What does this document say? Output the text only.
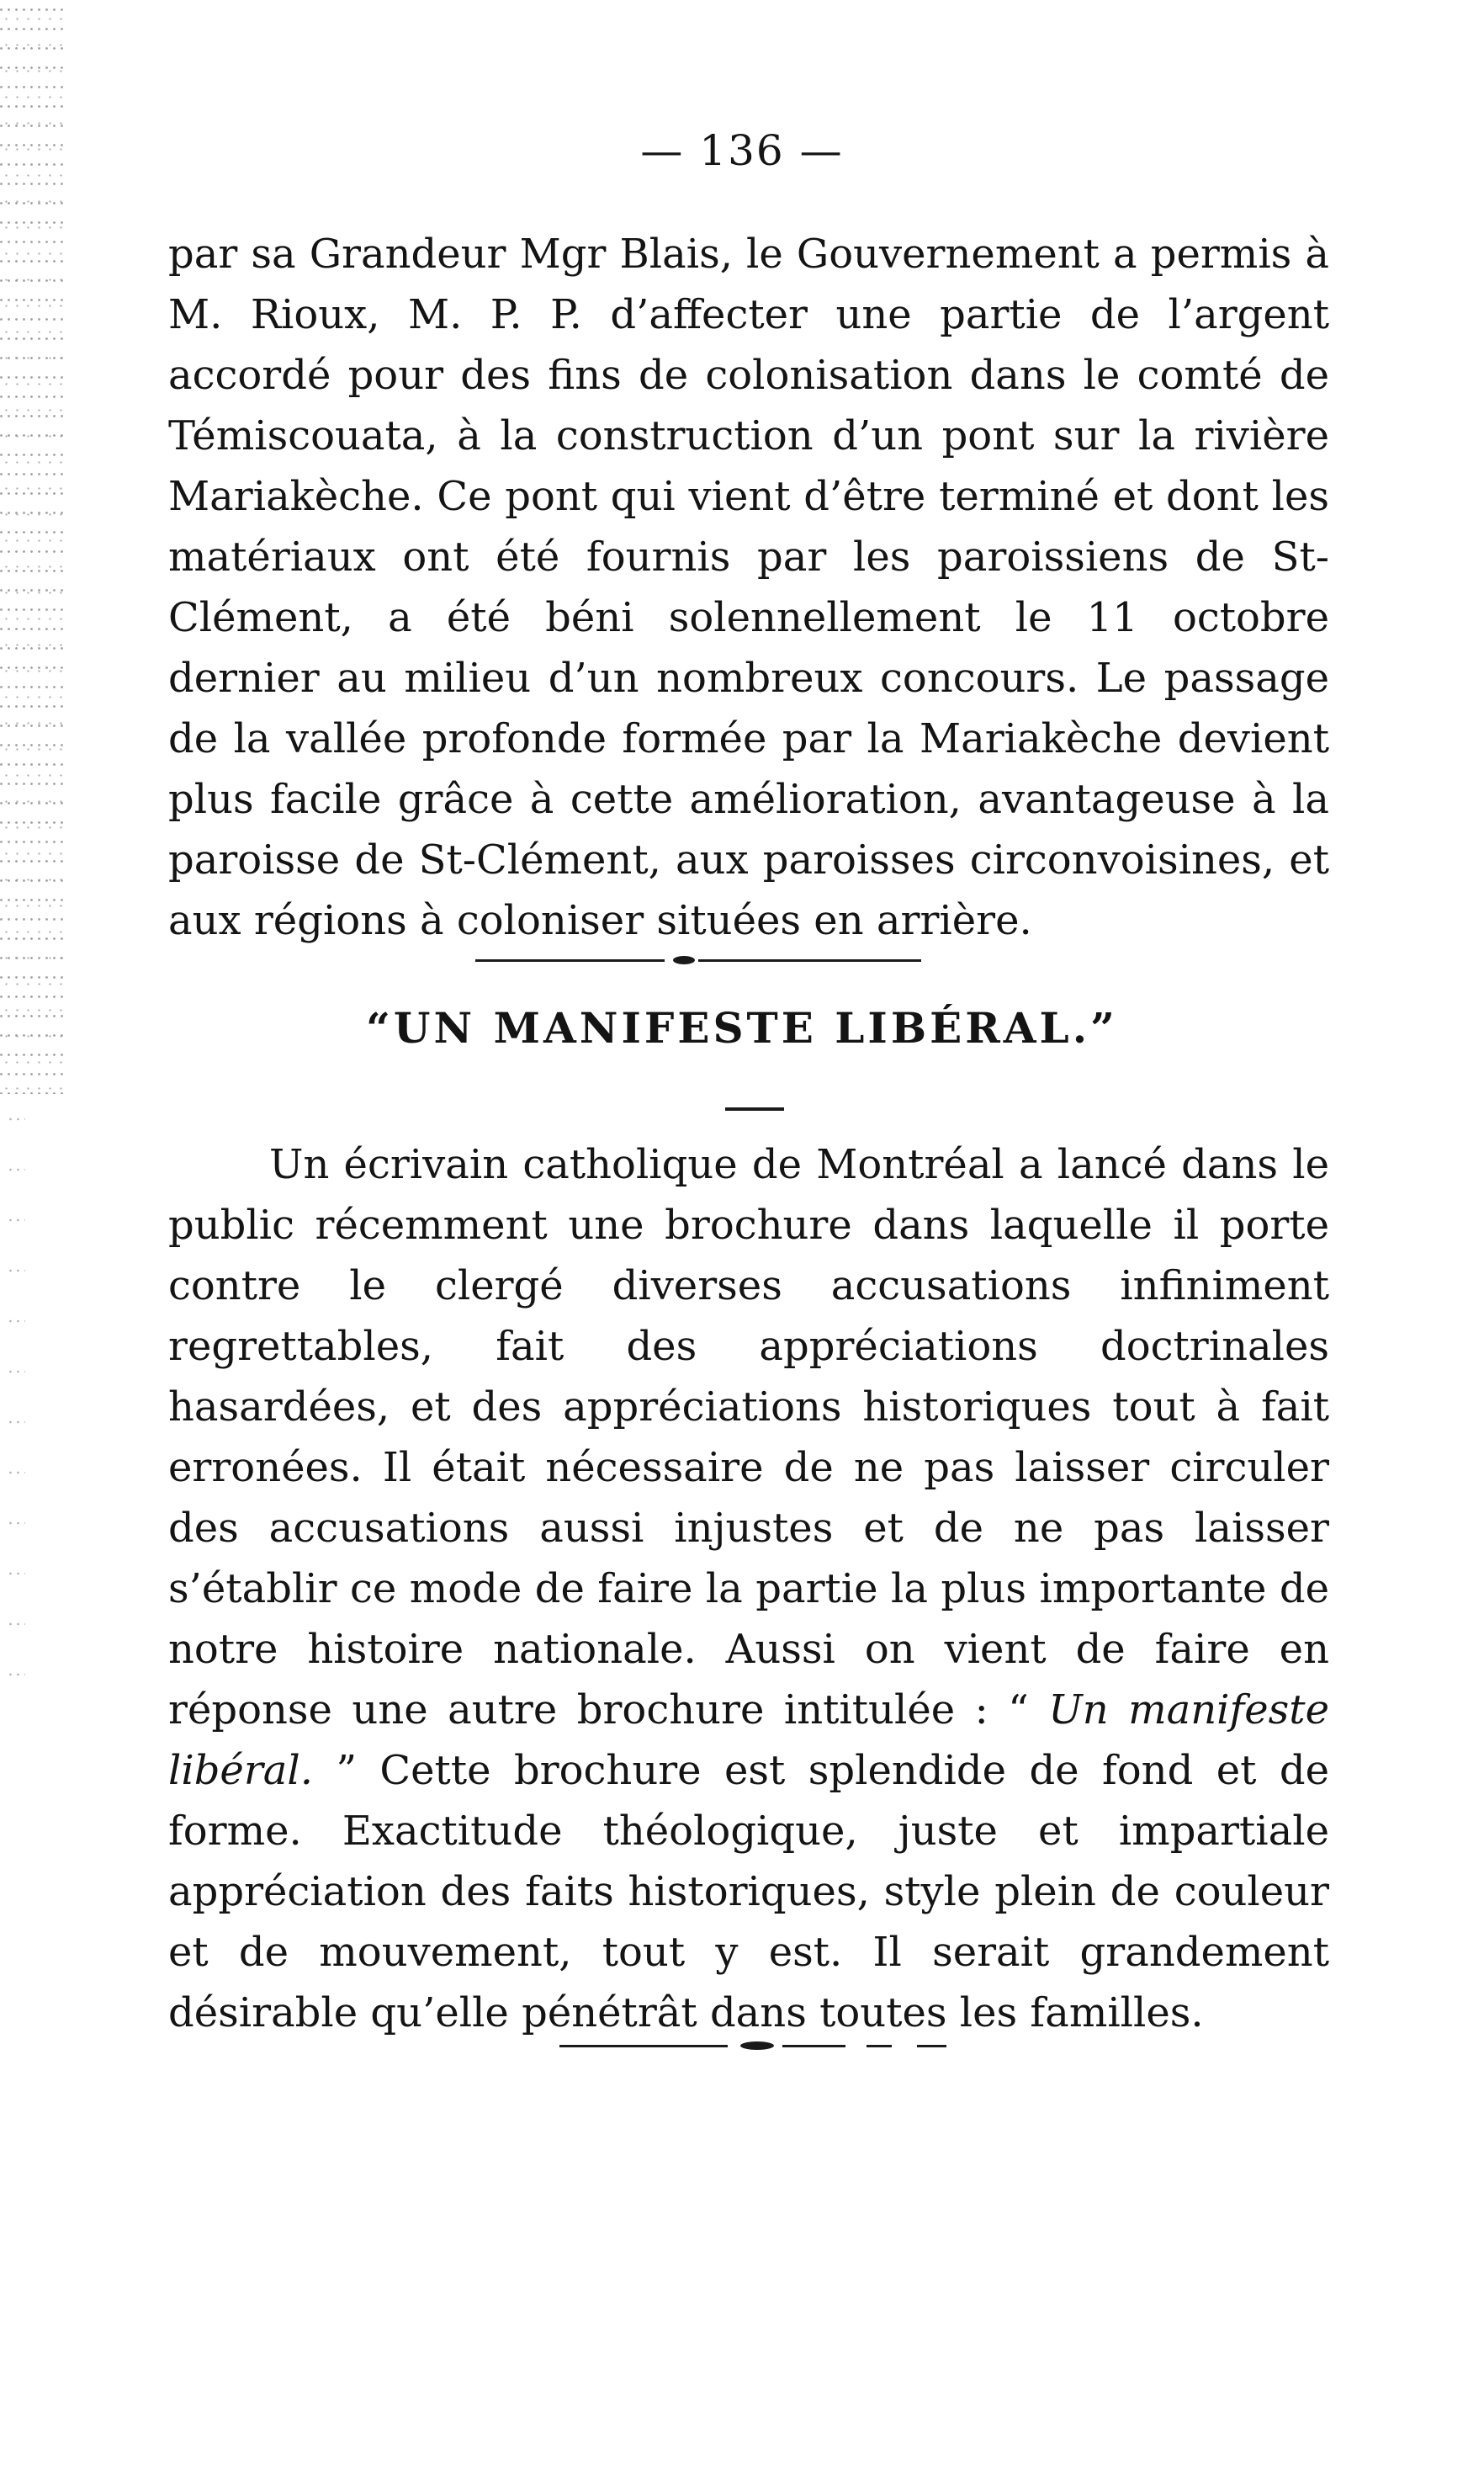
— 136 —

par sa Grandeur Mgr Blais, le Gouvernement a permis à M. Rioux, M. P. P. d’affecter une partie de l’argent accordé pour des fins de colonisation dans le comté de Témiscouata, à la construction d’un pont sur la rivière Mariakèche. Ce pont qui vient d’être terminé et dont les matériaux ont été fournis par les paroissiens de St-Clément, a été béni solennellement le 11 octobre dernier au milieu d’un nombreux concours. Le passage de la vallée profonde formée par la Mariakèche devient plus facile grâce à cette amélioration, avantageuse à la paroisse de St-Clément, aux paroisses circonvoisines, et aux régions à coloniser situées en arrière.

“UN MANIFESTE LIBÉRAL.”

Un écrivain catholique de Montréal a lancé dans le public récemment une brochure dans laquelle il porte contre le clergé diverses accusations infiniment regrettables, fait des appréciations doctrinales hasardées, et des appréciations historiques tout à fait erronées. Il était nécessaire de ne pas laisser circuler des accusations aussi injustes et de ne pas laisser s’établir ce mode de faire la partie la plus importante de notre histoire nationale. Aussi on vient de faire en réponse une autre brochure intitulée : “ Un manifeste libéral. ” Cette brochure est splendide de fond et de forme. Exactitude théologique, juste et impartiale appréciation des faits historiques, style plein de couleur et de mouvement, tout y est. Il serait grandement désirable qu’elle pénétrât dans toutes les familles.
